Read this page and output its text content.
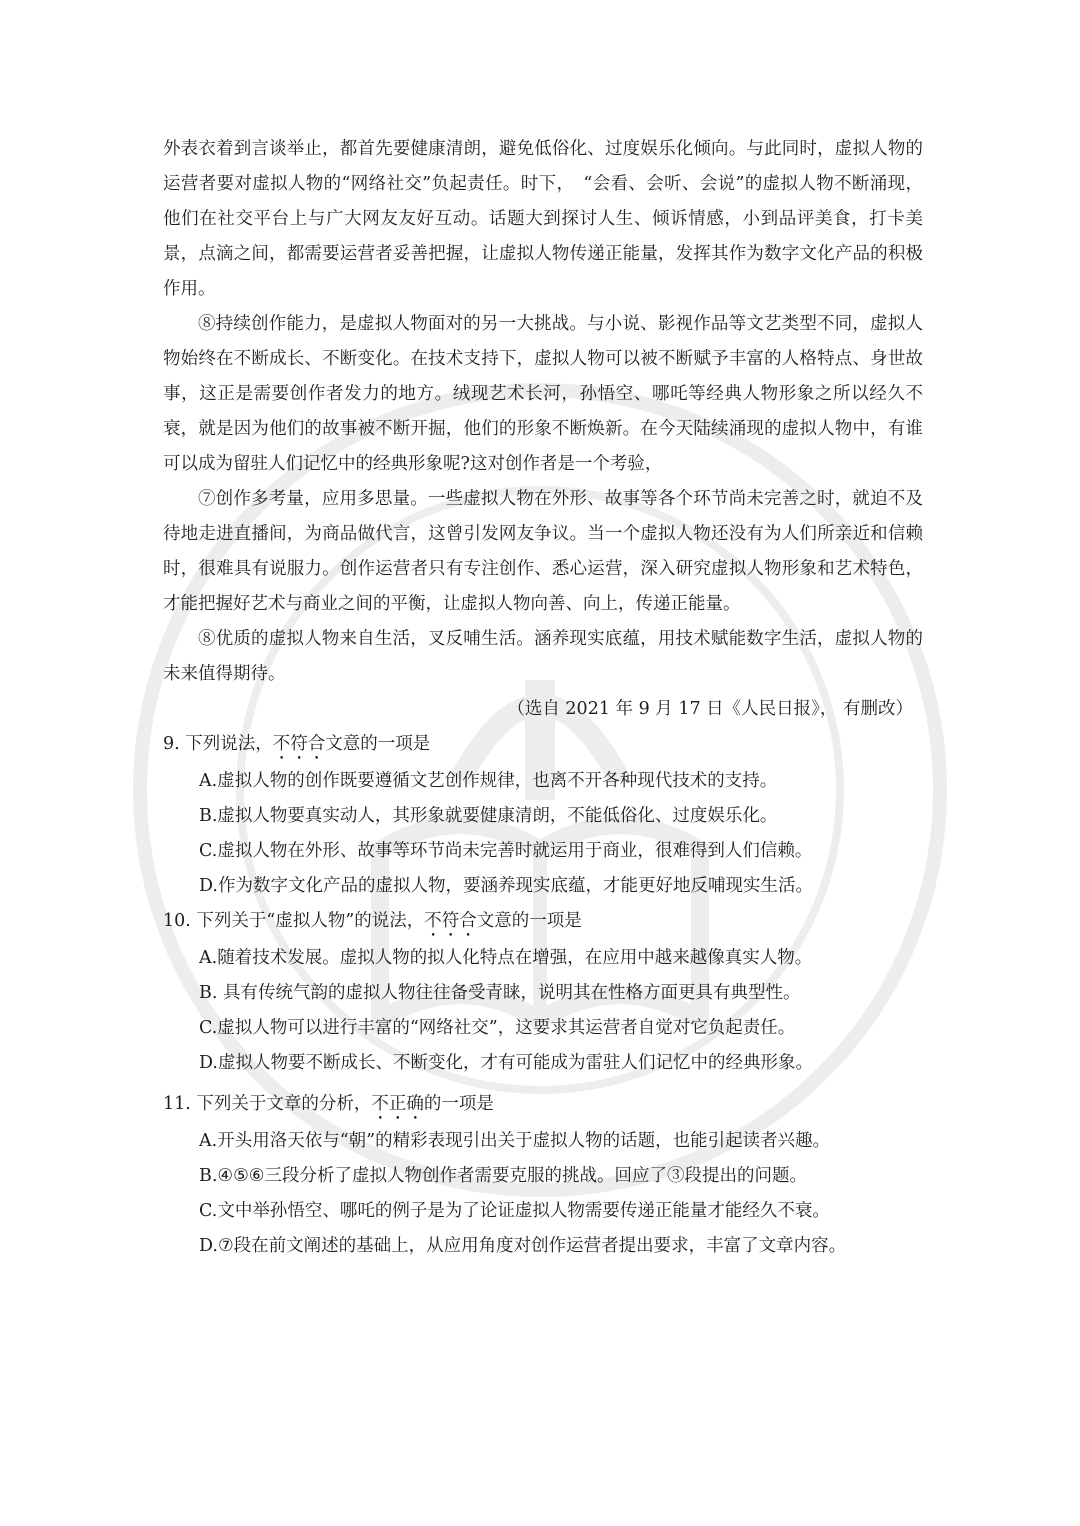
外表衣着到言谈举止，都首先要健康清朗，避免低俗化、过度娱乐化倾向。与此同时，虚拟人物的运营者要对虚拟人物的“网络社交”负起责任。时下，　“会看、会听、会说”的虚拟人物不断涌现，他们在社交平台上与广大网友友好互动。话题大到探讨人生、倾诉情感，小到品评美食，打卡美景，点滴之间，都需要运营者妥善把握，让虚拟人物传递正能量，发挥其作为数字文化产品的积极作用。

⑧持续创作能力，是虚拟人物面对的另一大挑战。与小说、影视作品等文艺类型不同，虚拟人物始终在不断成长、不断变化。在技术支持下，虚拟人物可以被不断赋予丰富的人格特点、身世故事，这正是需要创作者发力的地方。绒现艺术长河，孙悟空、哪吒等经典人物形象之所以经久不衰，就是因为他们的故事被不断开掘，他们的形象不断焕新。在今天陆续涌现的虚拟人物中，有谁可以成为留驻人们记忆中的经典形象呢?这对创作者是一个考验，

⑦创作多考量，应用多思量。一些虚拟人物在外形、故事等各个环节尚未完善之时，就迫不及待地走进直播间，为商品做代言，这曾引发网友争议。当一个虚拟人物还没有为人们所亲近和信赖时，很难具有说服力。创作运营者只有专注创作、悉心运营，深入研究虚拟人物形象和艺术特色，才能把握好艺术与商业之间的平衡，让虚拟人物向善、向上，传递正能量。

⑧优质的虚拟人物来自生活，叉反哺生活。涵养现实底蕴，用技术赋能数字生活，虚拟人物的未来值得期待。

（选自 2021 年 9 月 17 日《人民日报》， 有删改）

9. 下列说法，不符合文意的一项是

A.虚拟人物的创作既要遵循文艺创作规律，也离不开各种现代技术的支持。

B.虚拟人物要真实动人，其形象就要健康清朗，不能低俗化、过度娱乐化。

C.虚拟人物在外形、故事等环节尚未完善时就运用于商业，很难得到人们信赖。

D.作为数字文化产品的虚拟人物，要涵养现实底蕴，才能更好地反哺现实生活。

10. 下列关于“虚拟人物”的说法，不符合文意的一项是

A.随着技术发展。虚拟人物的拟人化特点在增强，在应用中越来越像真实人物。

B. 具有传统气韵的虚拟人物往往备受青睐，说明其在性格方面更具有典型性。

C.虚拟人物可以进行丰富的“网络社交”，这要求其运营者自觉对它负起责任。

D.虚拟人物要不断成长、不断变化，才有可能成为雷驻人们记忆中的经典形象。

11. 下列关于文章的分析，不正确的一项是

A.开头用洛天依与“朝”的精彩表现引出关于虚拟人物的话题，也能引起读者兴趣。

B.④⑤⑥三段分析了虚拟人物创作者需要克服的挑战。回应了③段提出的问题。

C.文中举孙悟空、哪吒的例子是为了论证虚拟人物需要传递正能量才能经久不衰。

D.⑦段在前文阐述的基础上，从应用角度对创作运营者提出要求，丰富了文章内容。
